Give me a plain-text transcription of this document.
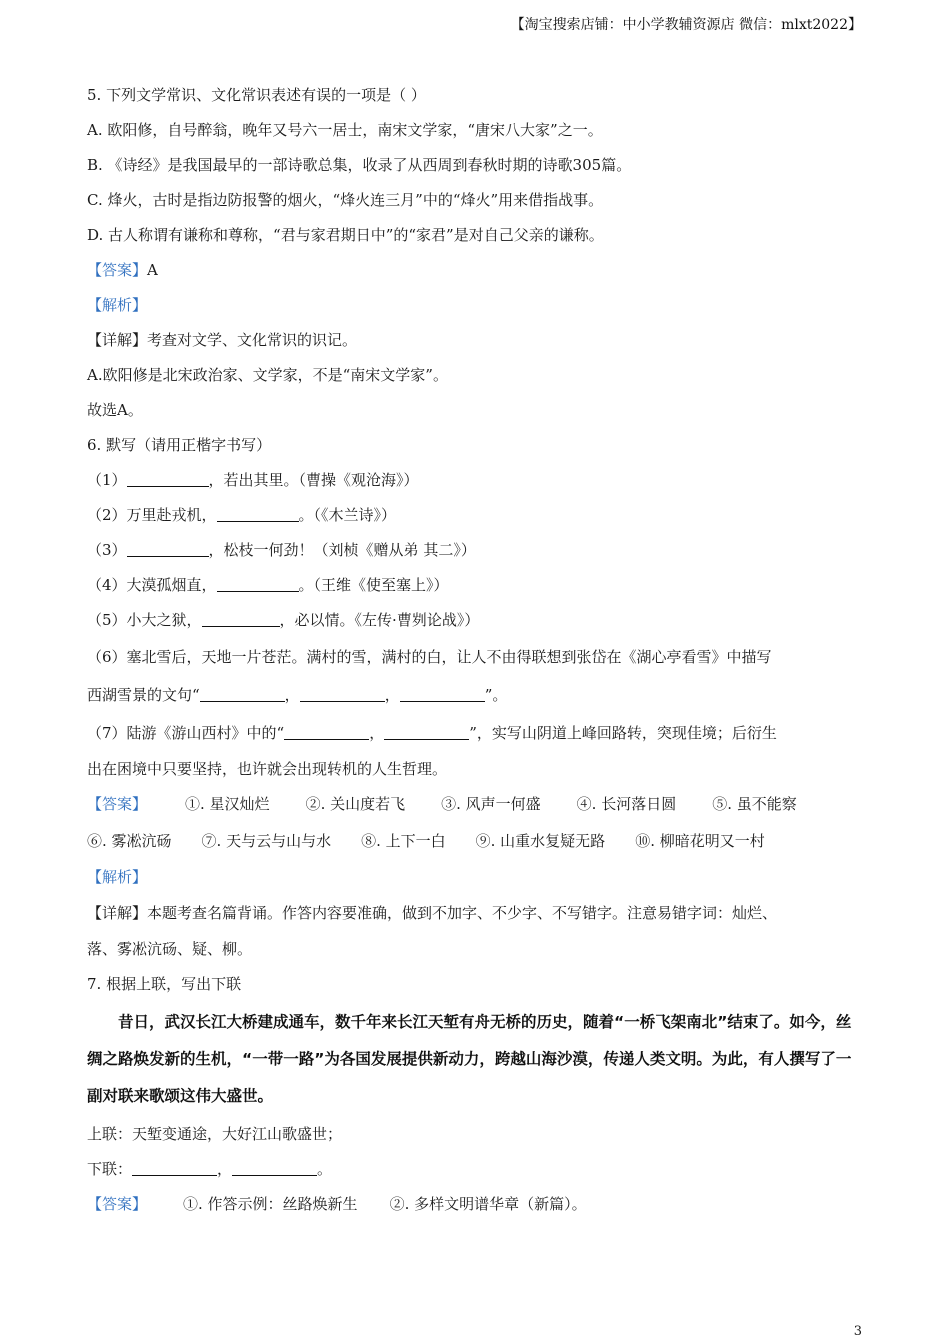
【淘宝搜索店铺：中小学教辅资源店 微信：mlxt2022】
5. 下列文学常识、文化常识表述有误的一项是（ ）
A. 欧阳修，自号醉翁，晚年又号六一居士，南宋文学家，“唐宋八大家”之一。
B. 《诗经》是我国最早的一部诗歌总集，收录了从西周到春秋时期的诗歌305篇。
C. 烽火，古时是指边防报警的烟火，“烽火连三月”中的“烽火”用来借指战事。
D. 古人称谓有谦称和尊称，“君与家君期日中”的“家君”是对自己父亲的谦称。
【答案】A
【解析】
【详解】考查对文学、文化常识的识记。
A.欧阳修是北宋政治家、文学家，不是“南宋文学家”。
故选A。
6. 默写（请用正楷字书写）
（1）	，若出其里。（曹操《观沧海》）
（2）万里赴戎机，	。（《木兰诗》）
（3）	，松枝一何劲！（刘桢《赠从弟 其二》）
（4）大漠孤烟直，	。（王维《使至塞上》）
（5）小大之狱，	，必以情。《左传·曹刿论战》）
（6）塞北雪后，天地一片苍茫。满村的雪，满村的白，让人不由得联想到张岱在《湖心亭看雪》中描写
西湖雪景的文句“	，	，	”。
（7）陆游《游山西村》中的“	，	”，实写山阴道上峰回路转，突现佳境；后衍生
出在困境中只要坚持，也许就会出现转机的人生哲理。
【答案】	①. 星汉灿烂 ②. 关山度若飞 ③. 风声一何盛 ④. 长河落日圆 ⑤. 虽不能察
⑥. 雾凇沆砀 ⑦. 天与云与山与水 ⑧. 上下一白 ⑨. 山重水复疑无路 ⑩. 柳暗花明又一村
【解析】
【详解】本题考查名篇背诵。作答内容要准确，做到不加字、不少字、不写错字。注意易错字词：灿烂、
落、雾凇沆砀、疑、柳。
7. 根据上联，写出下联

昔日，武汉长江大桥建成通车，数千年来长江天堑有舟无桥的历史，随着“一桥飞架南北”结束了。如今，丝绸之路焕发新的生机，“一带一路”为各国发展提供新动力，跨越山海沙漠，传递人类文明。为此，有人撰写了一副对联来歌颂这伟大盛世。

上联：天堑变通途，大好江山歌盛世；
下联：	，	。
【答案】 ①. 作答示例：丝路焕新生 ②. 多样文明谱华章（新篇）。
3
